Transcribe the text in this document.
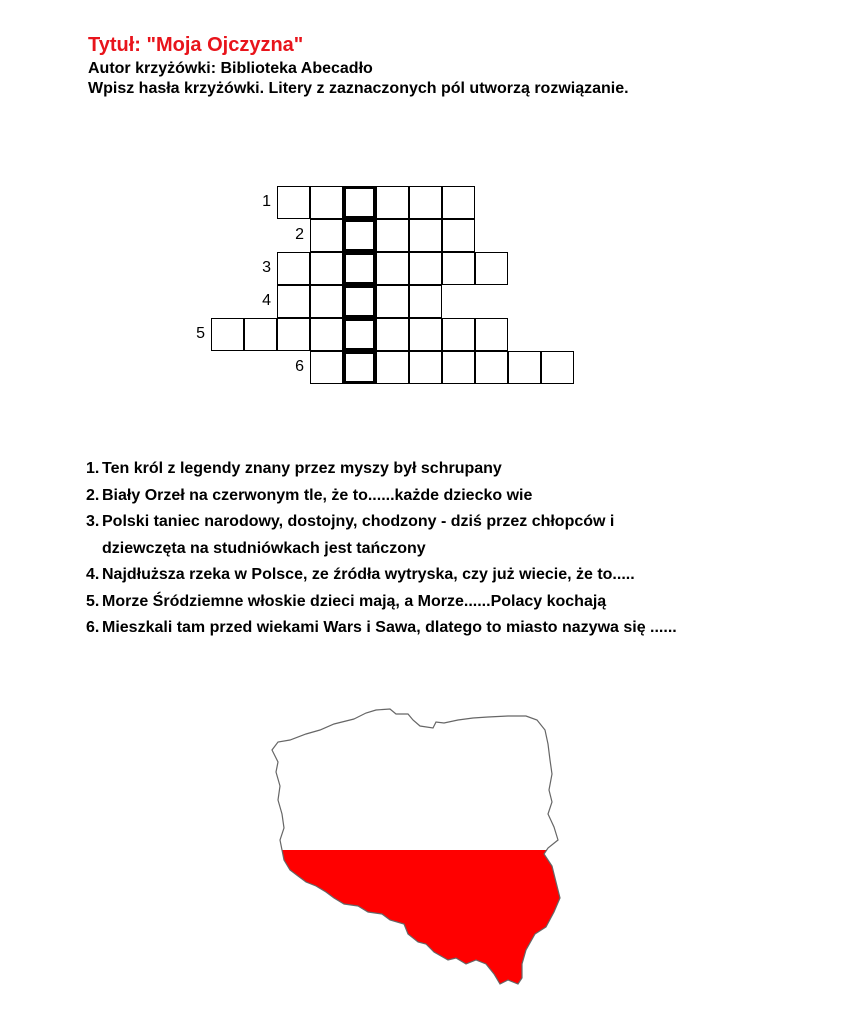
Tytuł: "Moja Ojczyzna"
Autor krzyżówki: Biblioteka Abecadło
Wpisz hasła krzyżówki. Litery z zaznaczonych pól utworzą rozwiązanie.
1
2
3
4
5
6
1. Ten król z legendy znany przez myszy był schrupany
2. Biały Orzeł na czerwonym tle, że to......każde dziecko wie
3. Polski taniec narodowy, dostojny, chodzony - dziś przez chłopców i
dziewczęta na studniówkach jest tańczony
4. Najdłuższa rzeka w Polsce, ze źródła wytryska, czy już wiecie, że to.....
5. Morze Śródziemne włoskie dzieci mają, a Morze......Polacy kochają
6. Mieszkali tam przed wiekami Wars i Sawa, dlatego to miasto nazywa się ......
